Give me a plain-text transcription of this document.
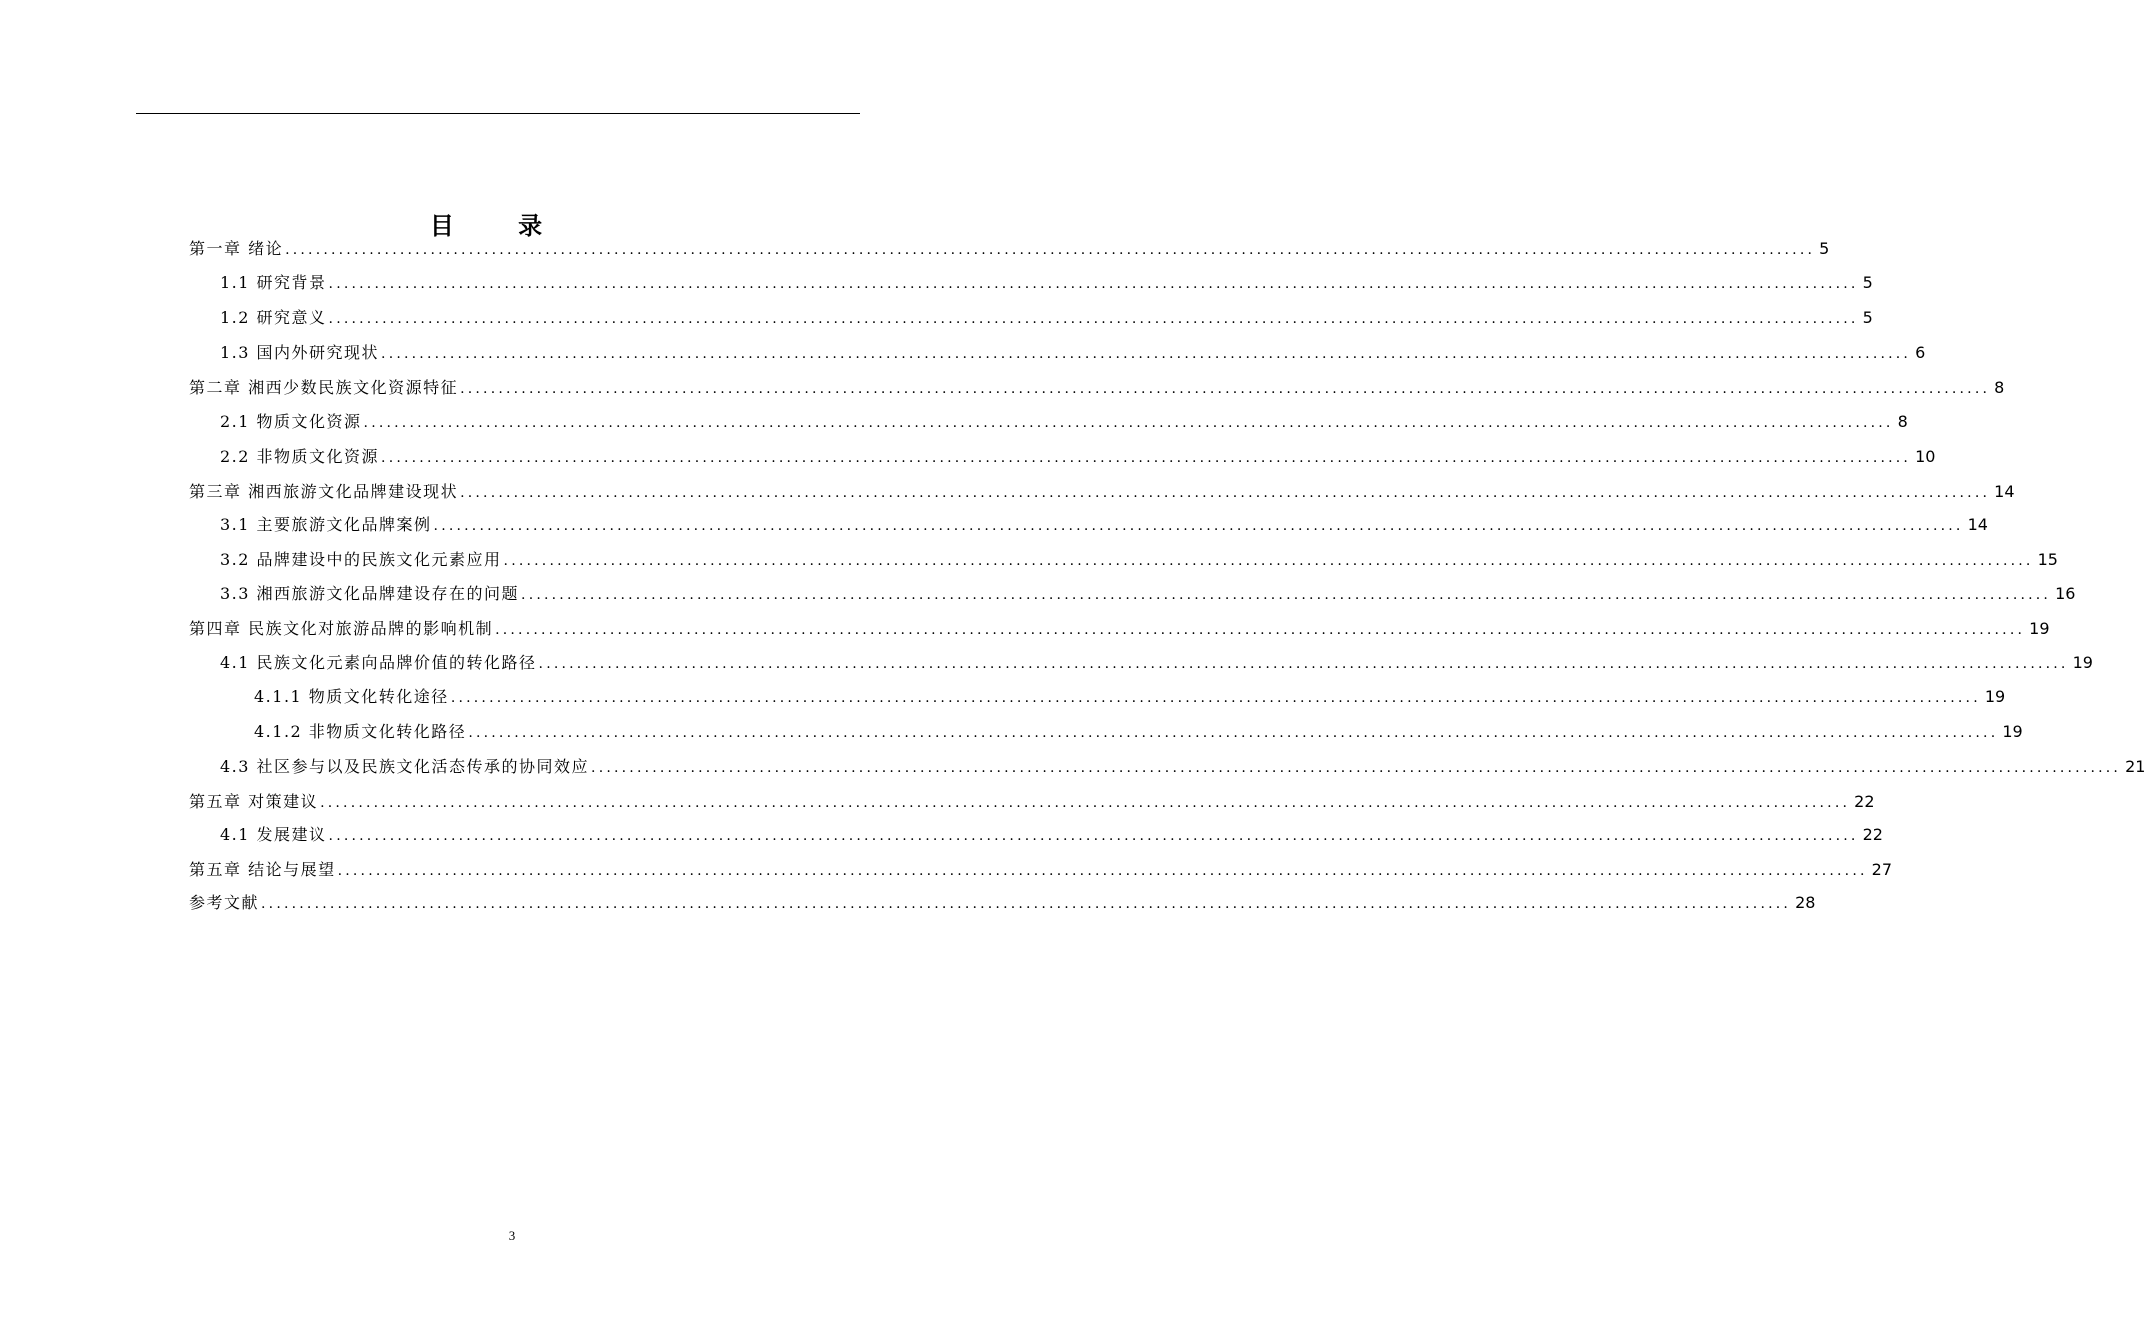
目 录
第一章 绪论 ........................................................................................................................................................................................................ 5
1.1 研究背景 ........................................................................................................................................................................................................ 5
1.2 研究意义 ........................................................................................................................................................................................................ 5
1.3 国内外研究现状 ........................................................................................................................................................................................................ 6
第二章 湘西少数民族文化资源特征 ........................................................................................................................................................................................................ 8
2.1 物质文化资源 ........................................................................................................................................................................................................ 8
2.2 非物质文化资源 ........................................................................................................................................................................................................ 10
第三章 湘西旅游文化品牌建设现状 ........................................................................................................................................................................................................ 14
3.1 主要旅游文化品牌案例 ........................................................................................................................................................................................................ 14
3.2 品牌建设中的民族文化元素应用 ........................................................................................................................................................................................................ 15
3.3 湘西旅游文化品牌建设存在的问题 ........................................................................................................................................................................................................ 16
第四章 民族文化对旅游品牌的影响机制 ........................................................................................................................................................................................................ 19
4.1 民族文化元素向品牌价值的转化路径 ........................................................................................................................................................................................................ 19
4.1.1 物质文化转化途径 ........................................................................................................................................................................................................ 19
4.1.2 非物质文化转化路径 ........................................................................................................................................................................................................ 19
4.3 社区参与以及民族文化活态传承的协同效应 ........................................................................................................................................................................................................ 21
第五章 对策建议 ........................................................................................................................................................................................................ 22
4.1 发展建议 ........................................................................................................................................................................................................ 22
第五章 结论与展望 ........................................................................................................................................................................................................ 27
参考文献 ........................................................................................................................................................................................................ 28
3
